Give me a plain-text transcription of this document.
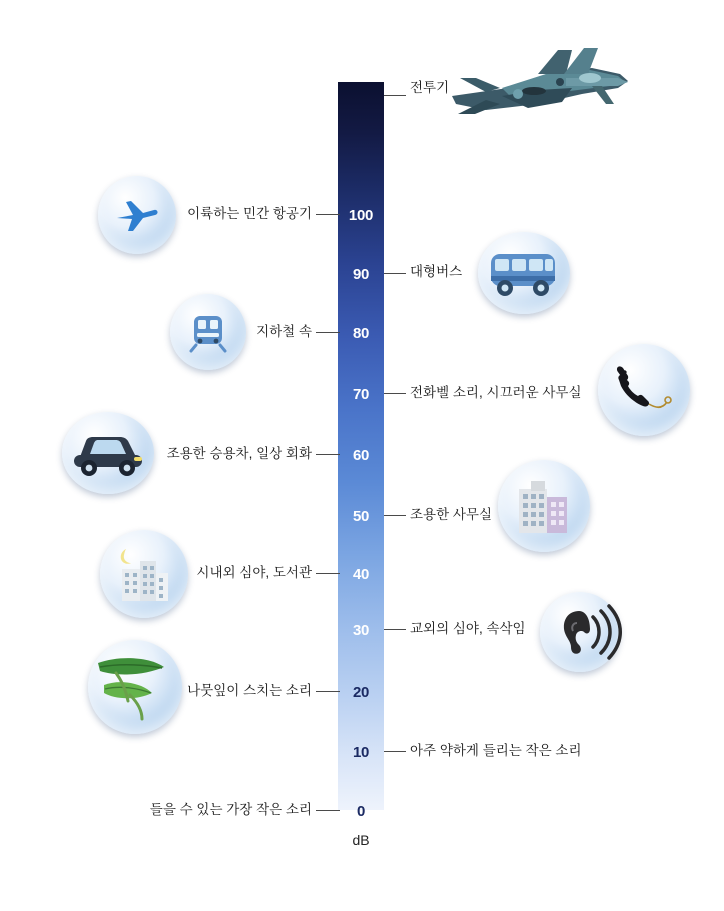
100
90
80
70
60
50
40
30
20
10
0
dB
전투기
대형버스
전화벨 소리, 시끄러운 사무실
조용한 사무실
교외의 심야, 속삭임
아주 약하게 들리는 작은 소리
이륙하는 민간 항공기
지하철 속
조용한 승용차, 일상 회화
시내외 심야, 도서관
나뭇잎이 스치는 소리
들을 수 있는 가장 작은 소리
